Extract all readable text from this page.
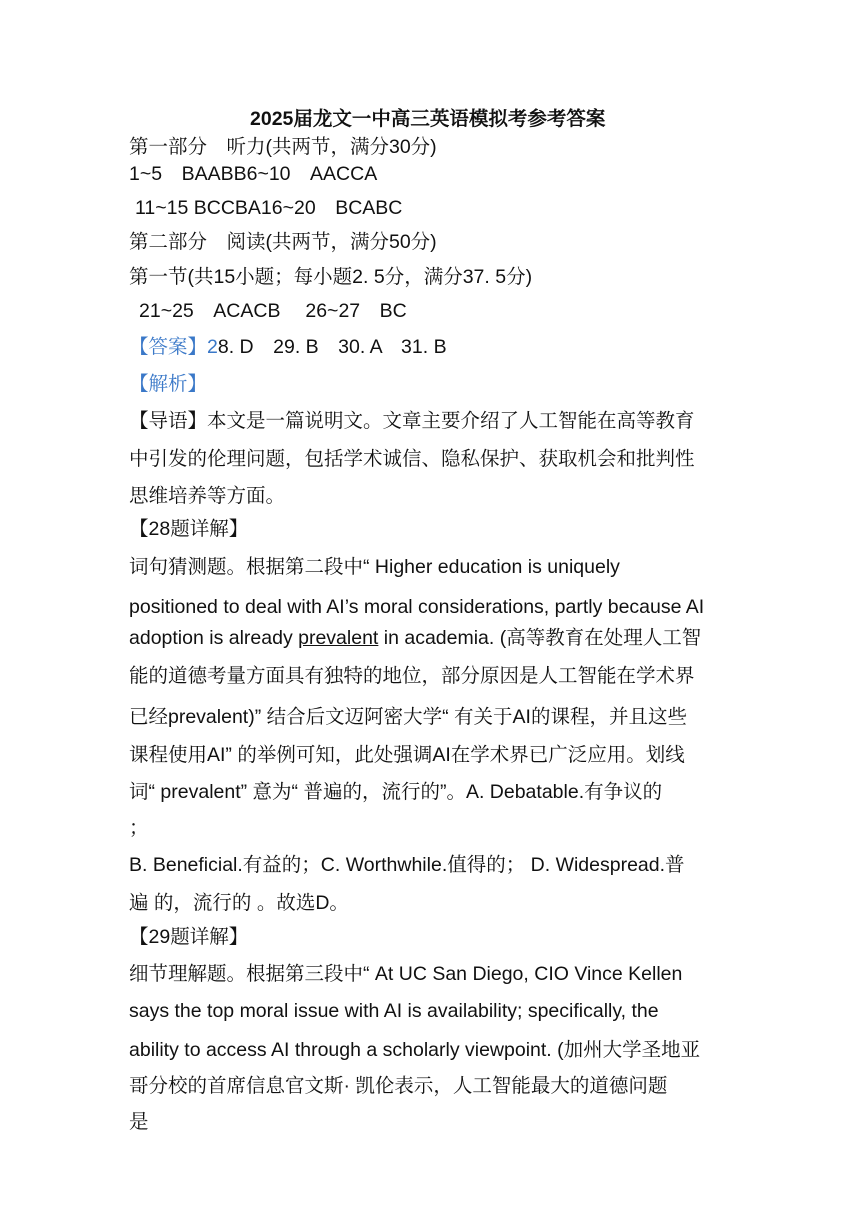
2025届龙文一中高三英语模拟考参考答案
第一部分　听力(共两节，满分30分)
1~5　BAABB6~10　AACCA
11~15 BCCBA16~20　BCABC
第二部分　阅读(共两节，满分50分)
第一节(共15小题；每小题2. 5分，满分37. 5分)
21~25　ACACB　 26~27　BC
【答案】28. D　29. B　30. A　31. B
【解析】
【导语】本文是一篇说明文。文章主要介绍了人工智能在高等教育
中引发的伦理问题，包括学术诚信、隐私保护、获取机会和批判性
思维培养等方面。
【28题详解】
词句猜测题。根据第二段中“ Higher education is uniquely
positioned to deal with AI’s moral considerations, partly because AI
adoption is already prevalent in academia. (高等教育在处理人工智
能的道德考量方面具有独特的地位，部分原因是人工智能在学术界
已经prevalent)” 结合后文迈阿密大学“ 有关于AI的课程，并且这些
课程使用AI” 的举例可知，此处强调AI在学术界已广泛应用。划线
词“ prevalent” 意为“ 普遍的，流行的”。A. Debatable.有争议的
；
B. Beneficial.有益的；C. Worthwhile.值得的； D. Widespread.普
遍 的，流行的 。故选D。
【29题详解】
细节理解题。根据第三段中“ At UC San Diego, CIO Vince Kellen
says the top moral issue with AI is availability; specifically, the
ability to access AI through a scholarly viewpoint. (加州大学圣地亚
哥分校的首席信息官文斯· 凯伦表示，人工智能最大的道德问题
是
